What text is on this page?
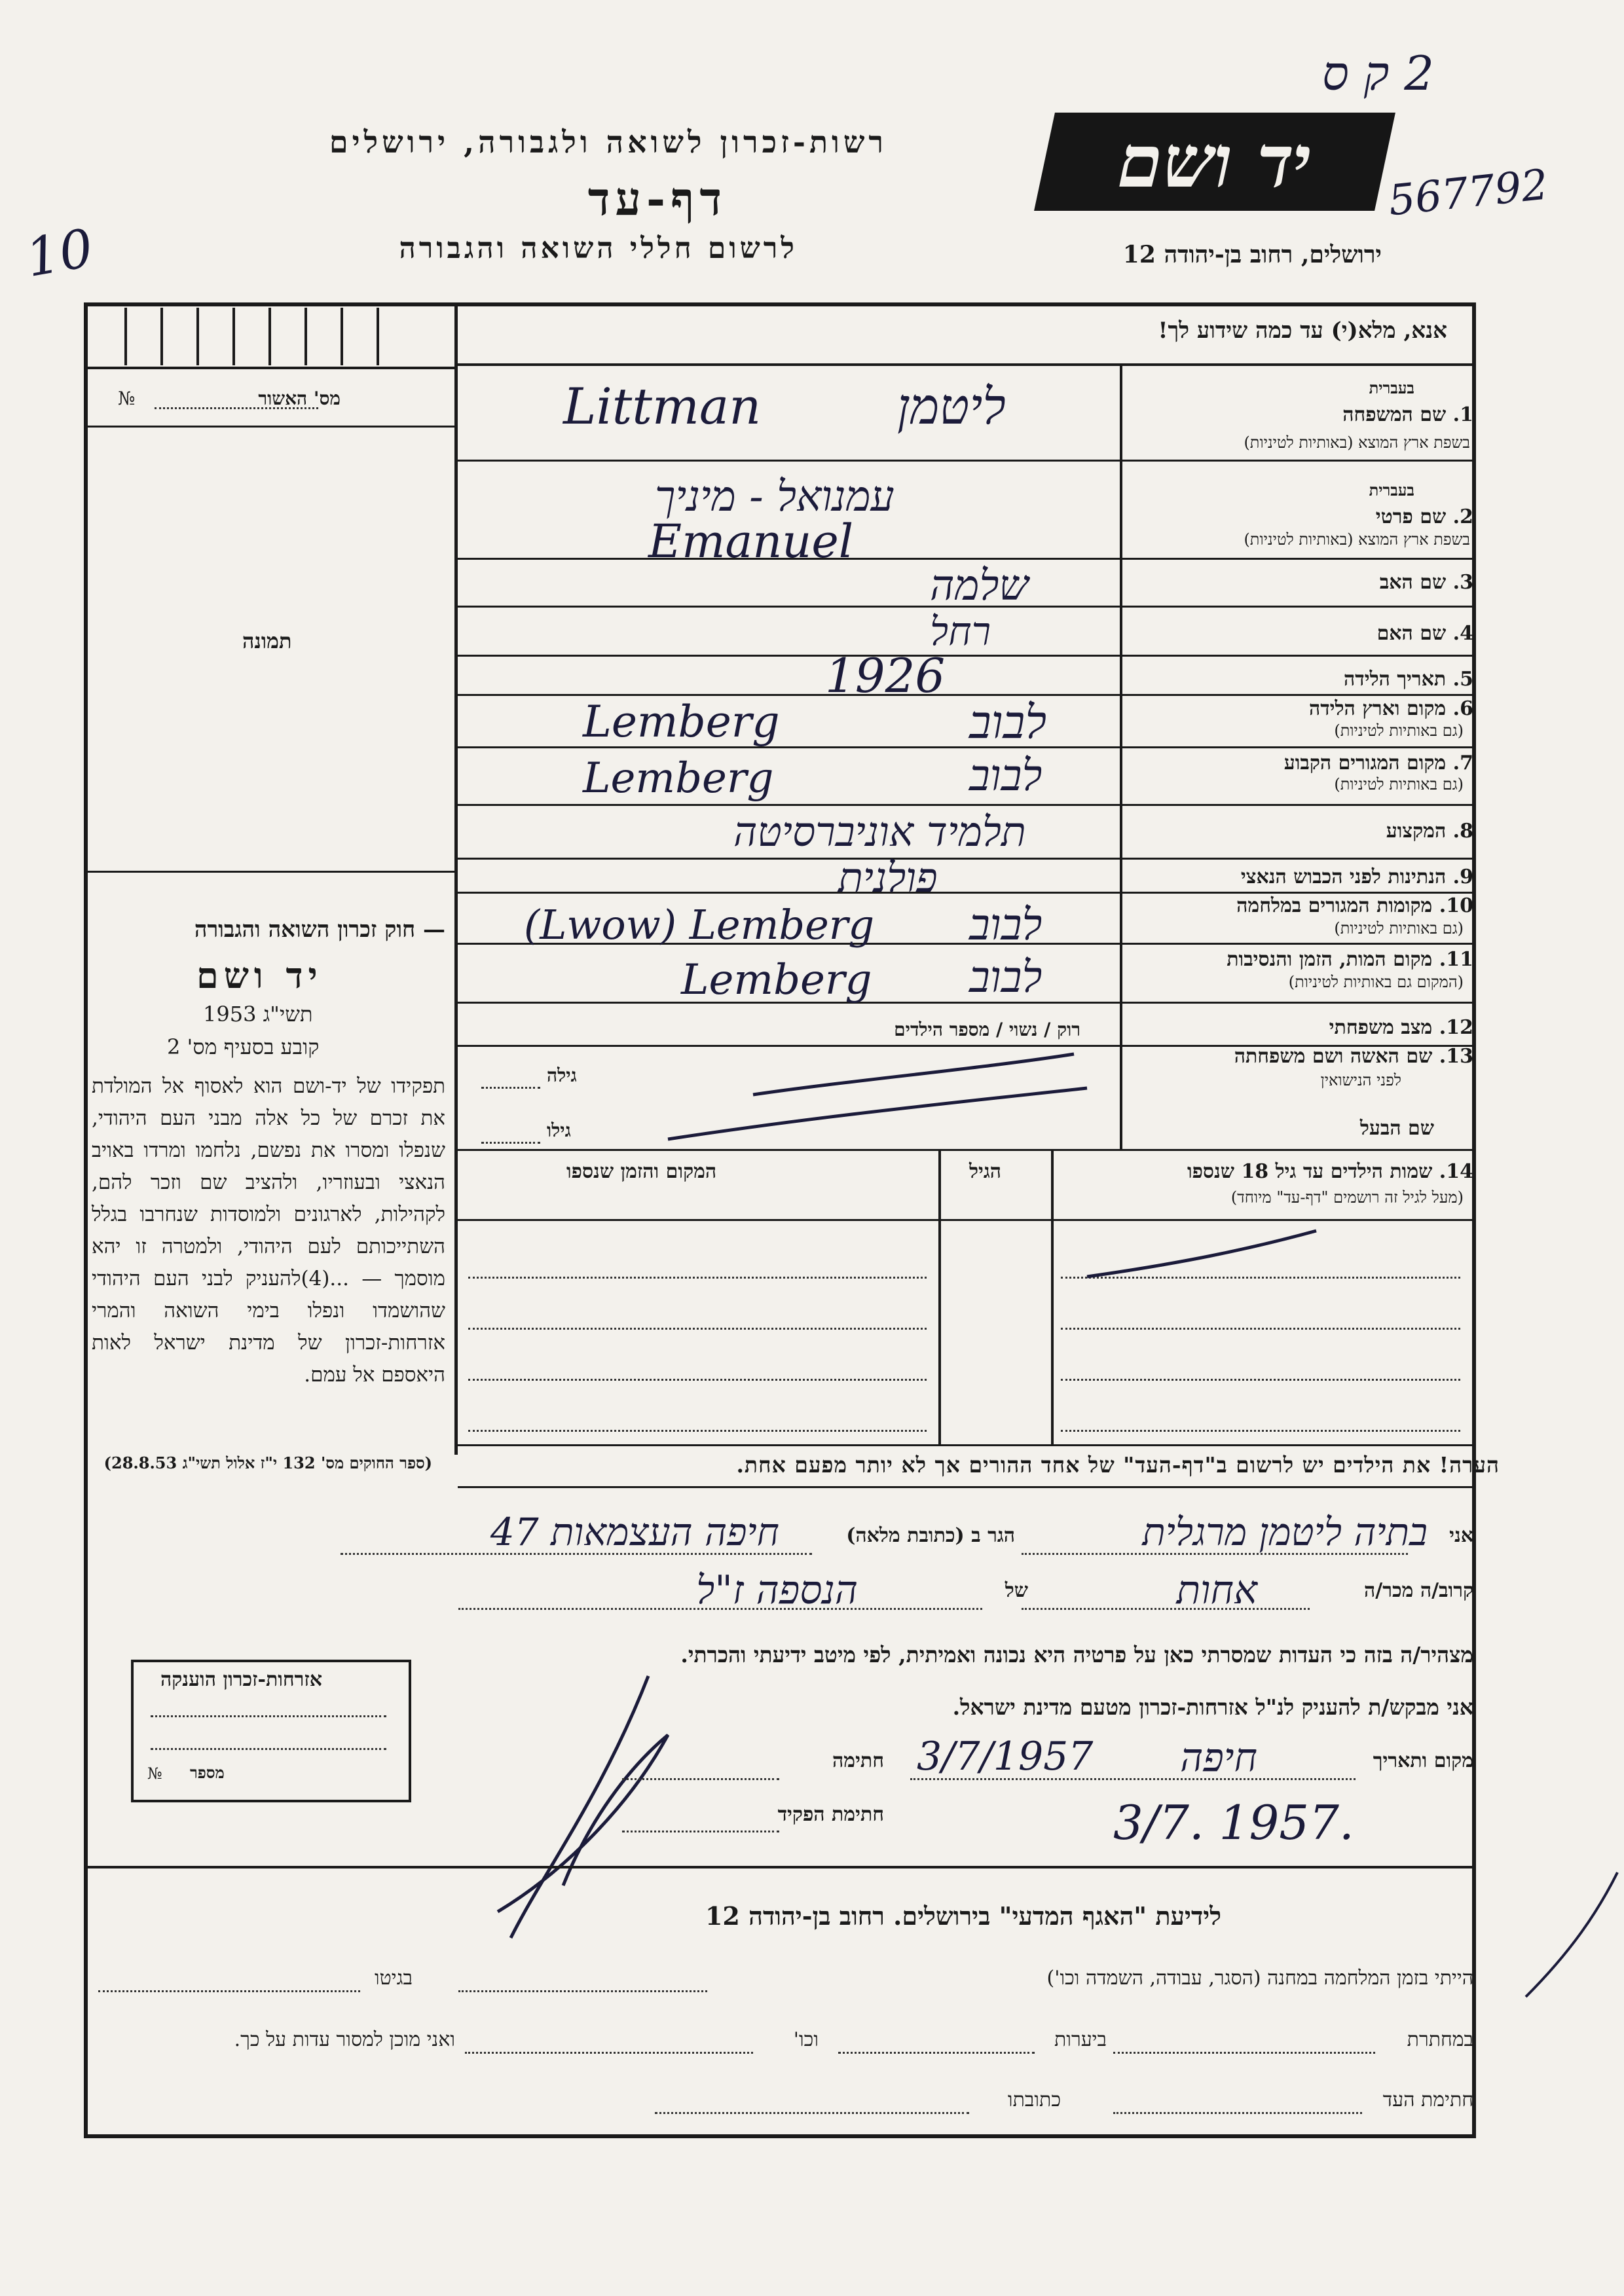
רשות-זכרון לשואה ולגבורה, ירושלים
דף-עד
לרשום חללי השואה והגבורה
יד ושם
ירושלים, רחוב בן-יהודה 12
2 ק ס
567792
10
אנא, מלא(י) עד כמה שידוע לך!
מס' האשור
№
תמונה
— חוק זכרון השואה והגבורה
יד ושם
תשי"ג 1953
קובע בסעיף מס' 2
תפקידו של יד-ושם הוא לאסוף אל המולדת את זכרם של כל אלה מבני העם היהודי, שנפלו ומסרו את נפשם, נלחמו ומרדו באויב הנאצי ובעוזריו, ולהציב שם וזכר להם, לקהילות, לארגונים ולמוסדות שנחרבו בגלל השתייכותם לעם היהודי, ולמטרה זו יהא מוסמך — ...(4)להעניק לבני העם היהודי שהושמדו ונפלו בימי השואה והמרי אזרחות-זכרון של מדינת ישראל לאות היאספם אל עמם.
(ספר החוקים מס' 132 י"ז אלול תשי"ג 28.8.53)
אזרחות-זכרון הוענקה
מספר
№
1. שם המשפחה
בעברית
בשפת ארץ המוצא (באותיות לטיניות)
2. שם פרטי
בעברית
בשפת ארץ המוצא (באותיות לטיניות)
3. שם האב
4. שם האם
5. תאריך הלידה
6. מקום וארץ הלידה
(גם באותיות לטיניות)
7. מקום המגורים הקבוע
(גם באותיות לטיניות)
8. המקצוע
9. הנתינות לפני הכבוש הנאצי
10. מקומות המגורים במלחמה
(גם באותיות לטיניות)
11. מקום המות, הזמן והנסיבות
(המקום גם באותיות לטיניות)
12. מצב משפחתי
רוק / נשוי / מספר הילדים
13. שם האשה ושם משפחתה
לפני הנישואין
גילה
שם הבעל
גילו
14. שמות הילדים עד גיל 18 שנספו
(מעל לגיל זה רושמים "דף-עד" מיוחד)
הגיל
המקום והזמן שנספו
הערה! את הילדים יש לרשום ב"דף-העד" של אחד ההורים אך לא יותר מפעם אחת.
ליטמן
Littman
עמנואל - מיניך
Emanuel
שלמה
רחל
1926
לבוב
Lemberg
לבוב
Lemberg
תלמיד אוניברסיטה
פולנית
לבוב
(Lwow) Lemberg
לבוב
Lemberg
אני
בתיה ליטמן מרגלית
הגר ב (כתובת מלאה)
חיפה העצמאות 47
קרוב/ה מכר/ה
אחות
של
הנספה ז"ל
מצהיר/ה בזה כי העדות שמסרתי כאן על פרטיה היא נכונה ואמיתית, לפי מיטב ידיעתי והכרתי.
אני מבקש/ת להעניק לנ"ל אזרחות-זכרון מטעם מדינת ישראל.
מקום ותאריך
חיפה
3/7/1957
חתימה
חתימת הפקיד	3/7. 1957.
לידיעת "האגף המדעי" בירושלים. רחוב בן-יהודה 12
הייתי בזמן המלחמה במחנה (הסגר, עבודה, השמדה וכו')
בגיטו
במחתרת
ביערות
וכו'
ואני מוכן למסור עדות על כך.
חתימת העד
כתובתו
